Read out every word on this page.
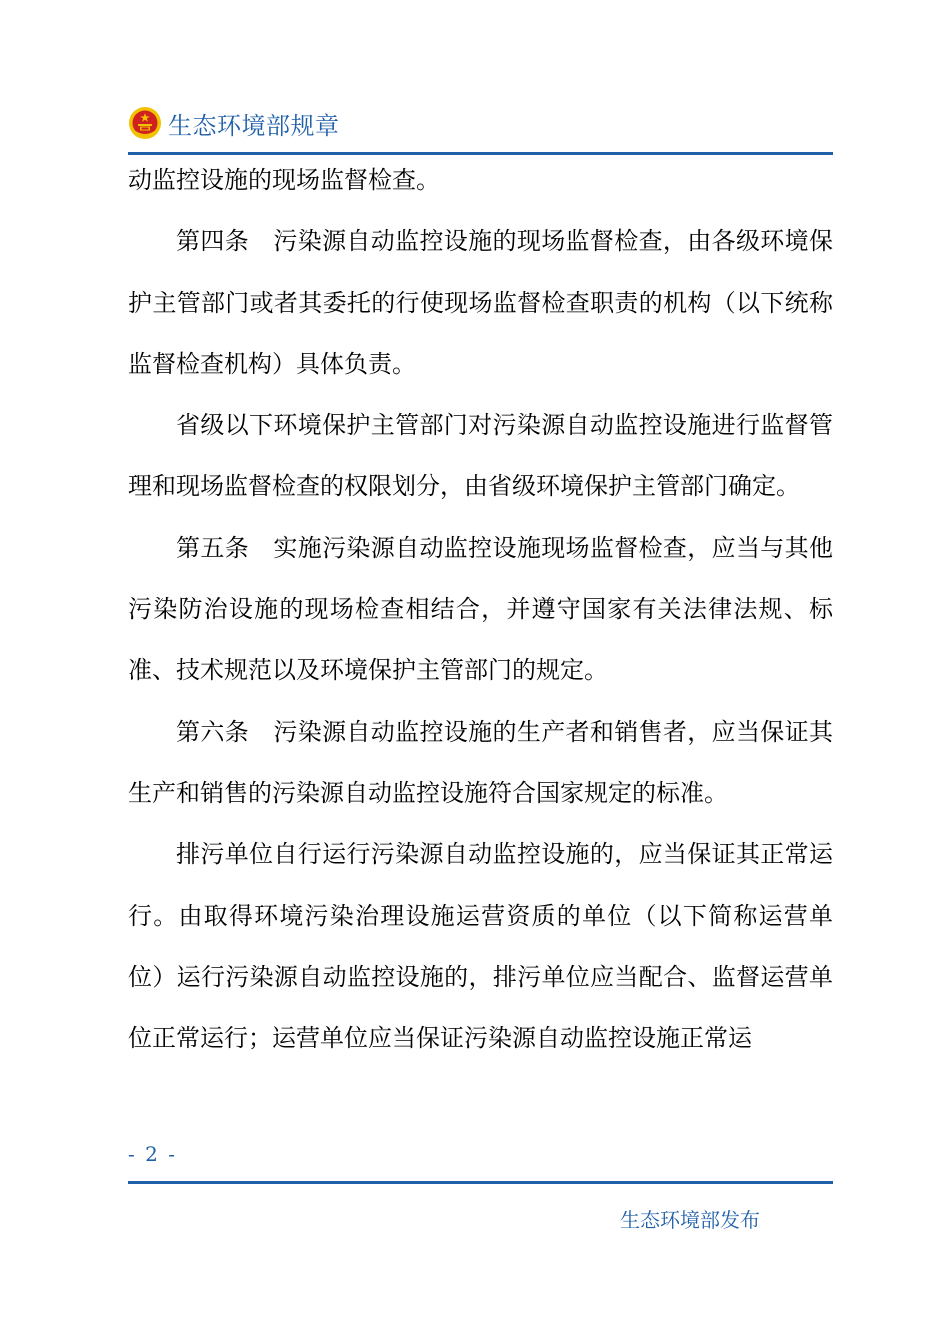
生态环境部规章

动监控设施的现场监督检查。

第四条　污染源自动监控设施的现场监督检查，由各级环境保护主管部门或者其委托的行使现场监督检查职责的机构（以下统称监督检查机构）具体负责。

省级以下环境保护主管部门对污染源自动监控设施进行监督管理和现场监督检查的权限划分，由省级环境保护主管部门确定。

第五条　实施污染源自动监控设施现场监督检查，应当与其他污染防治设施的现场检查相结合，并遵守国家有关法律法规、标准、技术规范以及环境保护主管部门的规定。

第六条　污染源自动监控设施的生产者和销售者，应当保证其生产和销售的污染源自动监控设施符合国家规定的标准。

排污单位自行运行污染源自动监控设施的，应当保证其正常运行。由取得环境污染治理设施运营资质的单位（以下简称运营单位）运行污染源自动监控设施的，排污单位应当配合、监督运营单位正常运行；运营单位应当保证污染源自动监控设施正常运

- 2 -
生态环境部发布
